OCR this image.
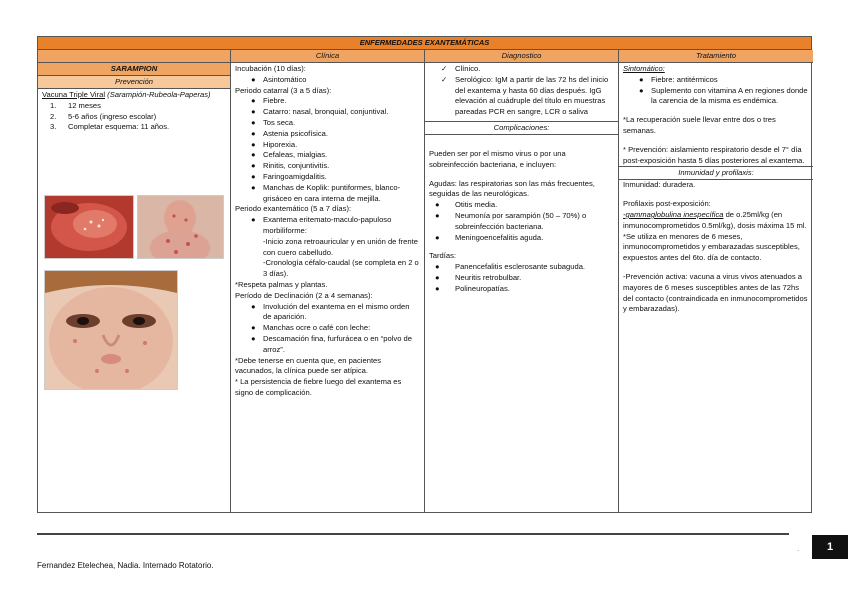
ENFERMEDADES EXANTEMÁTICAS
SARAMPION
Prevención
Vacuna Triple Viral (Sarampión-Rubeola-Paperas)
1. 12 meses
2. 5-6 años (ingreso escolar)
3. Completar esquema: 11 años.
Clínica
Incubación (10 días):
● Asintomático
Periodo catarral (3 a 5 días):
● Fiebre.
● Catarro: nasal, bronquial, conjuntival.
● Tos seca.
● Astenia psicofísica.
● Hiporexia.
● Cefaleas, mialgias.
● Rinitis, conjuntivitis.
● Faringoamigdalitis.
● Manchas de Koplik: puntiformes, blanco-grisáceo en cara interna de mejilla.
Periodo exantemático (5 a 7 días):
● Exantema eritemato-maculo-papuloso morbiliforme:
-Inicio zona retroauricular y en unión de frente con cuero cabelludo.
-Cronología céfalo-caudal (se completa en 2 o 3 días).
*Respeta palmas y plantas.
Período de Declinación (2 a 4 semanas):
● Involución del exantema en el mismo orden de aparición.
● Manchas ocre o café con leche:
● Descamación fina, furfurácea o en “polvo de arroz”.
*Debe tenerse en cuenta que, en pacientes vacunados, la clínica puede ser atípica.
* La persistencia de fiebre luego del exantema es signo de complicación.
Diagnostico
✓ Clínico.
✓ Serológico: IgM a partir de las 72 hs del inicio del exantema y hasta 60 días después. IgG elevación al cuádruple del título en muestras pareadas PCR en sangre, LCR o saliva
Complicaciones:
Pueden ser por el mismo virus o por una sobreinfección bacteriana, e incluyen:
Agudas: las respiratorias son las más frecuentes, seguidas de las neurológicas.
● Otitis media.
● Neumonía por sarampión (50 – 70%) o sobreinfección bacteriana.
● Meningoencefalitis aguda.
Tardías:
● Panencefalitis esclerosante subaguda.
● Neuritis retrobulbar.
● Polineuropatías.
Tratamiento
Sintomático:
● Fiebre: antitérmicos
● Suplemento con vitamina A en regiones donde la carencia de la misma es endémica.
*La recuperación suele llevar entre dos o tres semanas.
* Prevención: aislamiento respiratorio desde el 7° día post-exposición hasta 5 días posteriores al exantema.
Inmunidad y profilaxis:
Inmunidad: duradera.
Profilaxis post-exposición:
-gammaglobulina inespecífica de o.25ml/kg (en inmunocomprometidos 0.5ml/kg), dosis máxima 15 ml.
*Se utiliza en menores de 6 meses, inmunocomprometidos y embarazadas susceptibles, expuestos antes del 6to. día de contacto.
-Prevención activa: vacuna a virus vivos atenuados a mayores de 6 meses susceptibles antes de las 72hs del contacto (contraindicada en inmunocomprometidos y embarazadas).
.	1
Fernandez Etelechea, Nadia. Internado Rotatorio.
